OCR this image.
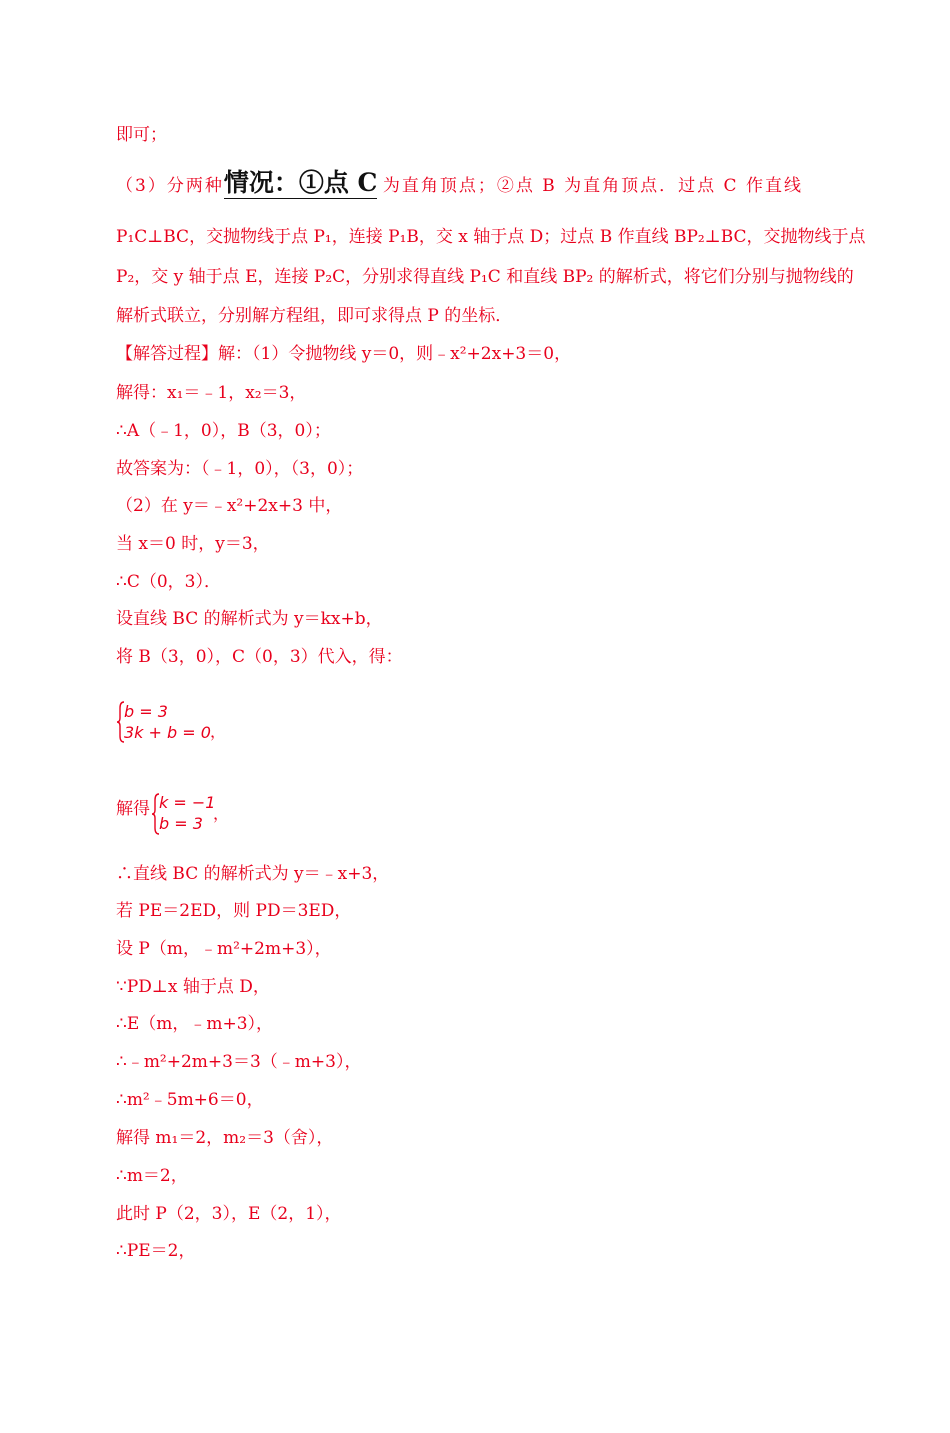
即可；
（3）分两种情况：①点 C 为直角顶点；②点 B 为直角顶点．过点 C 作直线
P₁C⊥BC，交抛物线于点 P₁，连接 P₁B，交 x 轴于点 D；过点 B 作直线 BP₂⊥BC，交抛物线于点
P₂，交 y 轴于点 E，连接 P₂C，分别求得直线 P₁C 和直线 BP₂ 的解析式，将它们分别与抛物线的
解析式联立，分别解方程组，即可求得点 P 的坐标．
【解答过程】解：（1）令抛物线 y＝0，则﹣x²+2x+3＝0，
解得：x₁＝﹣1，x₂＝3，
∴A（﹣1，0），B（3，0）；
故答案为：（﹣1，0），（3，0）；
（2）在 y＝﹣x²+2x+3 中，
当 x＝0 时，y＝3，
∴C（0，3）．
设直线 BC 的解析式为 y＝kx+b，
将 B（3，0），C（0，3）代入，得：
b = 3
3k + b = 0 ，
解得 k = −1
b = 3
，
∴直线 BC 的解析式为 y＝﹣x+3，
若 PE＝2ED，则 PD＝3ED，
设 P（m，﹣m²+2m+3），
∵PD⊥x 轴于点 D，
∴E（m，﹣m+3），
∴﹣m²+2m+3＝3（﹣m+3），
∴m²﹣5m+6＝0，
解得 m₁＝2，m₂＝3（舍），
∴m＝2，
此时 P（2，3），E（2，1），
∴PE＝2，
